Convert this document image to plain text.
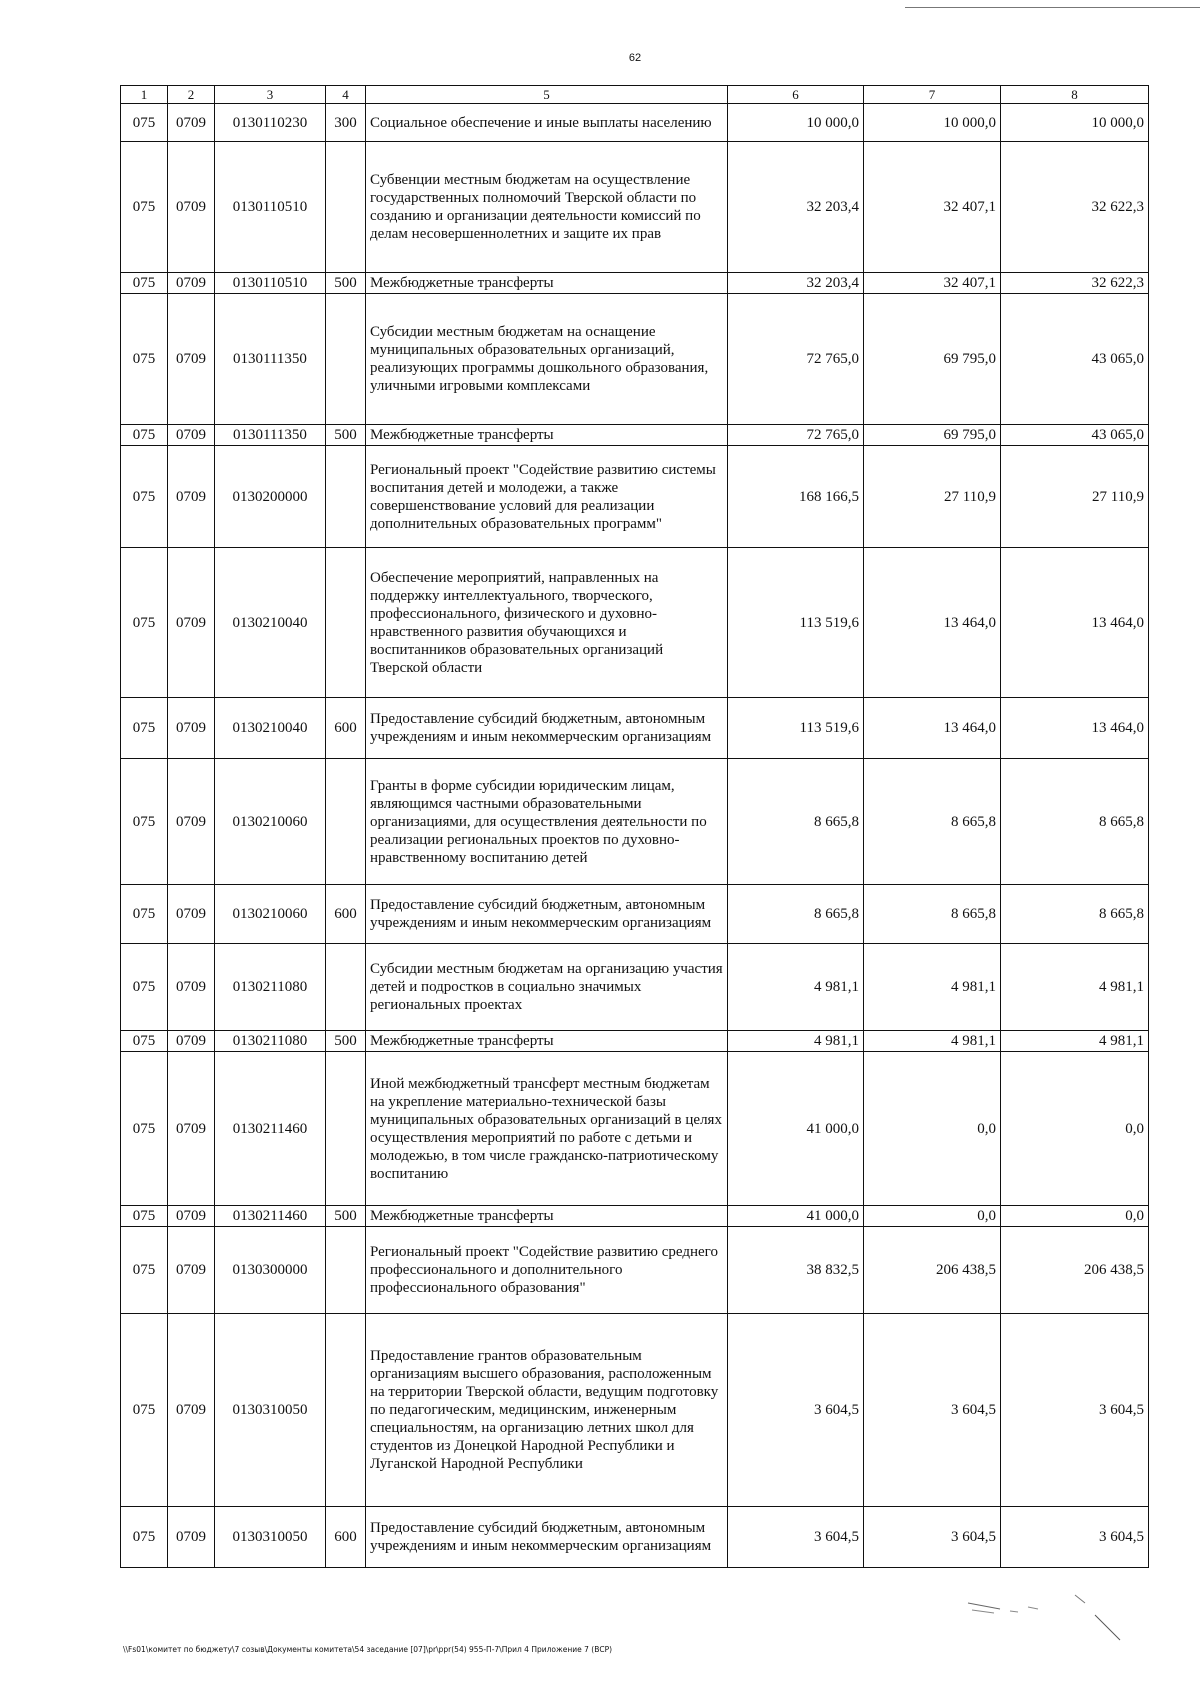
62
1	2	3	4	5	6	7	8
075	0709	0130110230	300	Социальное обеспечение и иные выплаты населению	10 000,0	10 000,0	10 000,0
075	0709	0130110510		Субвенции местным бюджетам на осуществление государственных полномочий Тверской области по созданию и организации деятельности комиссий по делам несовершеннолетних и защите их прав	32 203,4	32 407,1	32 622,3
075	0709	0130110510	500	Межбюджетные трансферты	32 203,4	32 407,1	32 622,3
075	0709	0130111350		Субсидии местным бюджетам на оснащение муниципальных образовательных организаций, реализующих программы дошкольного образования, уличными игровыми комплексами	72 765,0	69 795,0	43 065,0
075	0709	0130111350	500	Межбюджетные трансферты	72 765,0	69 795,0	43 065,0
075	0709	0130200000		Региональный проект "Содействие развитию системы воспитания детей и молодежи, а также совершенствование условий для реализации дополнительных образовательных программ"	168 166,5	27 110,9	27 110,9
075	0709	0130210040		Обеспечение мероприятий, направленных на поддержку интеллектуального, творческого, профессионального, физического и духовно-нравственного развития обучающихся и воспитанников образовательных организаций Тверской области	113 519,6	13 464,0	13 464,0
075	0709	0130210040	600	Предоставление субсидий бюджетным, автономным учреждениям и иным некоммерческим организациям	113 519,6	13 464,0	13 464,0
075	0709	0130210060		Гранты в форме субсидии юридическим лицам, являющимся частными образовательными организациями, для осуществления деятельности по реализации региональных проектов по духовно-нравственному воспитанию детей	8 665,8	8 665,8	8 665,8
075	0709	0130210060	600	Предоставление субсидий бюджетным, автономным учреждениям и иным некоммерческим организациям	8 665,8	8 665,8	8 665,8
075	0709	0130211080		Субсидии местным бюджетам на организацию участия детей и подростков в социально значимых региональных проектах	4 981,1	4 981,1	4 981,1
075	0709	0130211080	500	Межбюджетные трансферты	4 981,1	4 981,1	4 981,1
075	0709	0130211460		Иной межбюджетный трансферт местным бюджетам на укрепление материально-технической базы муниципальных образовательных организаций в целях осуществления мероприятий по работе с детьми и молодежью, в том числе гражданско-патриотическому воспитанию	41 000,0	0,0	0,0
075	0709	0130211460	500	Межбюджетные трансферты	41 000,0	0,0	0,0
075	0709	0130300000		Региональный проект "Содействие развитию среднего профессионального и дополнительного профессионального образования"	38 832,5	206 438,5	206 438,5
075	0709	0130310050		Предоставление грантов образовательным организациям высшего образования, расположенным на территории Тверской области, ведущим подготовку по педагогическим, медицинским, инженерным специальностям, на организацию летних школ для студентов из Донецкой Народной Республики и Луганской Народной Республики	3 604,5	3 604,5	3 604,5
075	0709	0130310050	600	Предоставление субсидий бюджетным, автономным учреждениям и иным некоммерческим организациям	3 604,5	3 604,5	3 604,5
\\Fs01\комитет по бюджету\7 созыв\Документы комитета\54 заседание [07]\pr\ppr(54) 955-П-7\Прил 4 Приложение 7 (ВСР)
